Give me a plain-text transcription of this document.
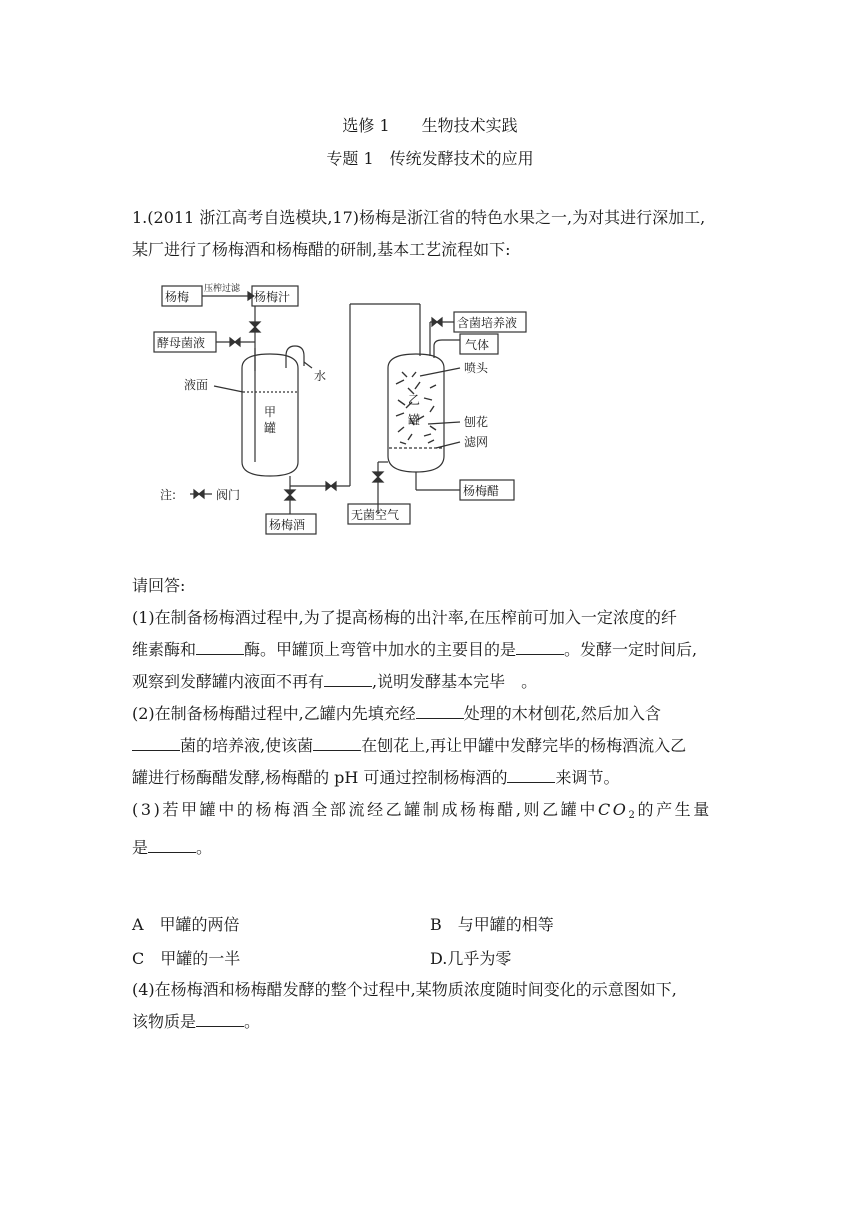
选修 1　　生物技术实践
专题 1　传统发酵技术的应用
1.(2011 浙江高考自选模块,17)杨梅是浙江省的特色水果之一,为对其进行深加工,
某厂进行了杨梅酒和杨梅醋的研制,基本工艺流程如下:
杨梅
压榨过滤
杨梅汁
酵母菌液
水
液面
甲
罐
注:	阀门
杨梅酒
无菌空气
含菌培养液
气体
喷头
乙
罐	刨花
滤网
杨梅醋
请回答:
(1)在制备杨梅酒过程中,为了提高杨梅的出汁率,在压榨前可加入一定浓度的纤
维素酶和	酶。甲罐顶上弯管中加水的主要目的是	。发酵一定时间后,
观察到发酵罐内液面不再有	,说明发酵基本完毕　。
(2)在制备杨梅醋过程中,乙罐内先填充经	处理的木材刨花,然后加入含
菌的培养液,使该菌	在刨花上,再让甲罐中发酵完毕的杨梅酒流入乙
罐进行杨酶醋发酵,杨梅醋的 pH 可通过控制杨梅酒的	来调节。
(3)若甲罐中的杨梅酒全部流经乙罐制成杨梅醋,则乙罐中$CO_2$的产生量
是	。
A　甲罐的两倍	B　与甲罐的相等
C　甲罐的一半	D.几乎为零
(4)在杨梅酒和杨梅醋发酵的整个过程中,某物质浓度随时间变化的示意图如下,
该物质是	。
